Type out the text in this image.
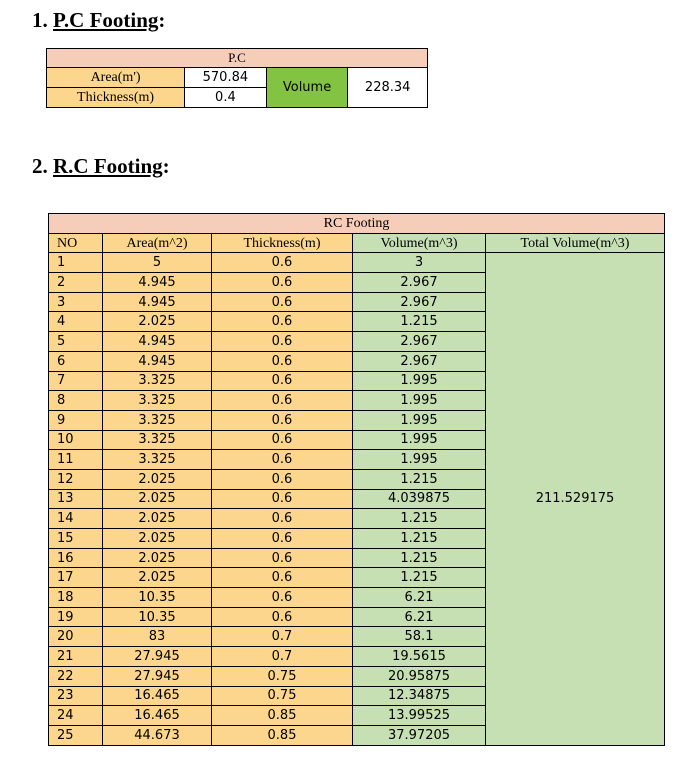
1. P.C Footing:
P.C			
Area(m')	570.84	Volume	228.34
Thickness(m)	0.4		
2. R.C Footing:
RC Footing				
NO	Area(m^2)	Thickness(m)	Volume(m^3)	Total Volume(m^3)
1	5	0.6	3	211.529175
2	4.945	0.6	2.967	
3	4.945	0.6	2.967	
4	2.025	0.6	1.215	
5	4.945	0.6	2.967	
6	4.945	0.6	2.967	
7	3.325	0.6	1.995	
8	3.325	0.6	1.995	
9	3.325	0.6	1.995	
10	3.325	0.6	1.995	
11	3.325	0.6	1.995	
12	2.025	0.6	1.215	
13	2.025	0.6	4.039875	
14	2.025	0.6	1.215	
15	2.025	0.6	1.215	
16	2.025	0.6	1.215	
17	2.025	0.6	1.215	
18	10.35	0.6	6.21	
19	10.35	0.6	6.21	
20	83	0.7	58.1	
21	27.945	0.7	19.5615	
22	27.945	0.75	20.95875	
23	16.465	0.75	12.34875	
24	16.465	0.85	13.99525	
25	44.673	0.85	37.97205	
